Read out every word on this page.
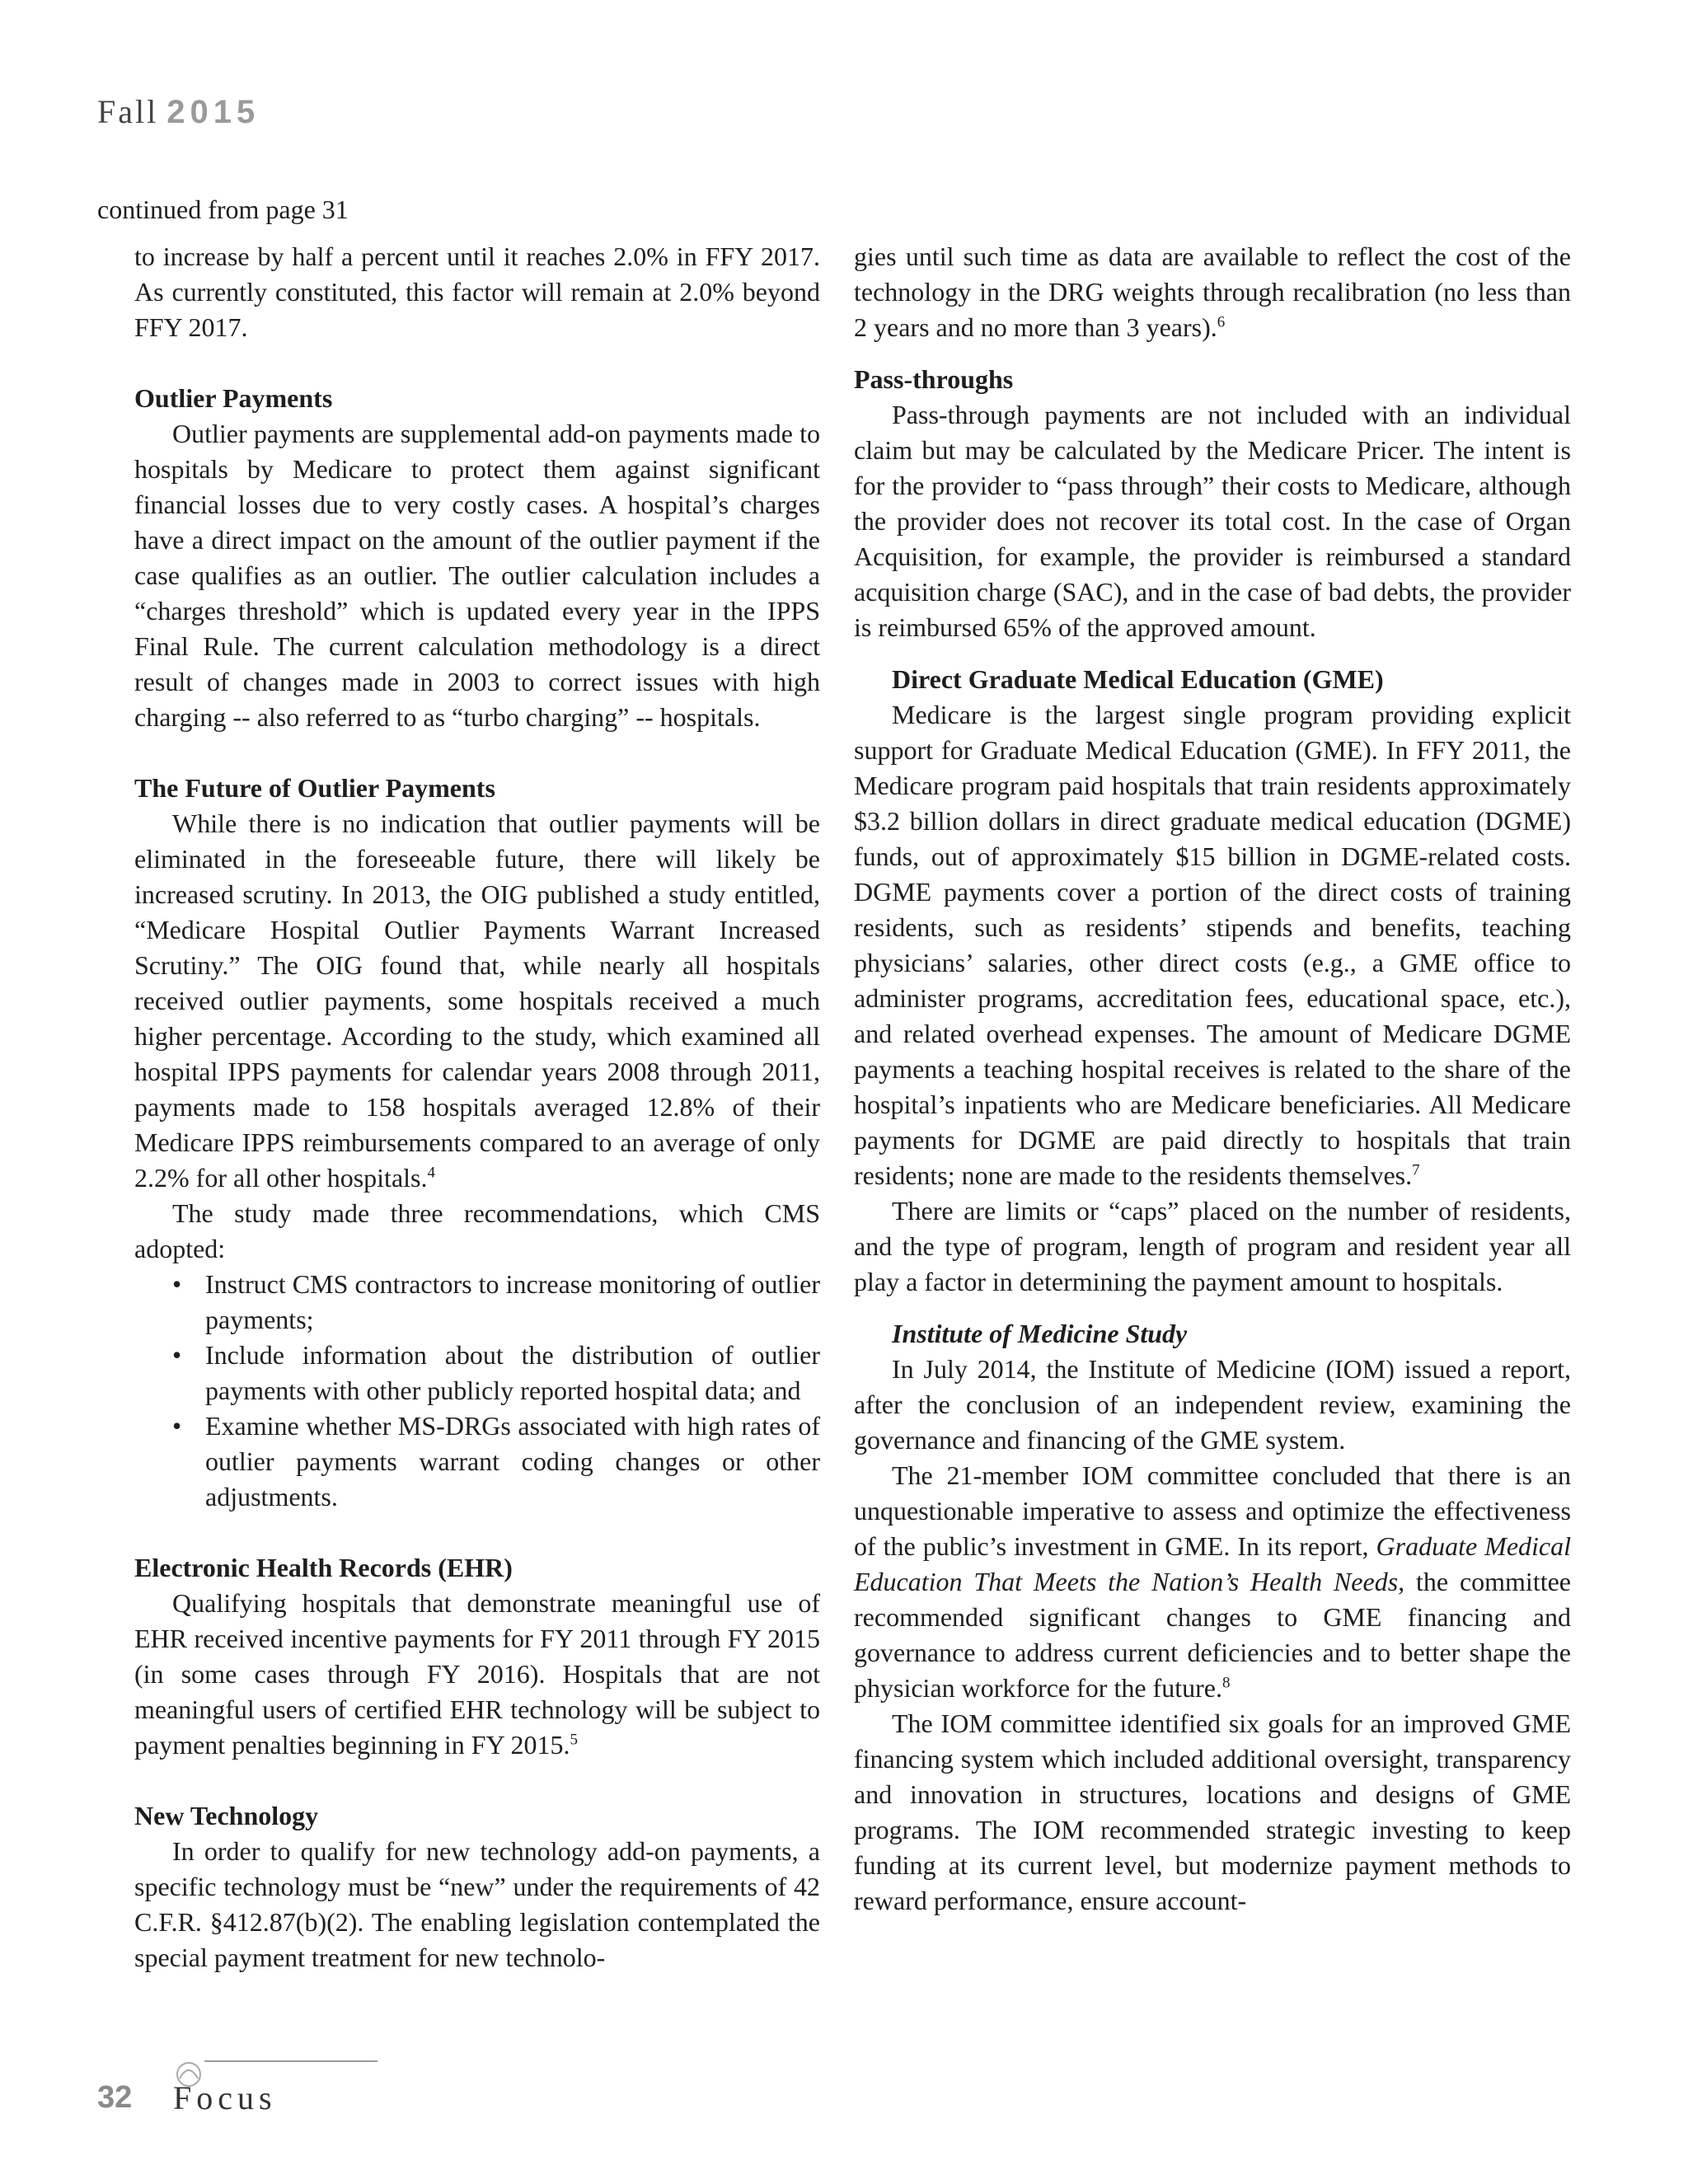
Fall 2015
continued from page 31

to increase by half a percent until it reaches 2.0% in FFY 2017. As currently constituted, this factor will remain at 2.0% beyond FFY 2017.

Outlier Payments

Outlier payments are supplemental add-on payments made to hospitals by Medicare to protect them against significant financial losses due to very costly cases. A hospital’s charges have a direct impact on the amount of the outlier payment if the case qualifies as an outlier. The outlier calculation includes a “charges threshold” which is updated every year in the IPPS Final Rule. The current calculation methodology is a direct result of changes made in 2003 to correct issues with high charging -- also referred to as “turbo charging” -- hospitals.

The Future of Outlier Payments

While there is no indication that outlier payments will be eliminated in the foreseeable future, there will likely be increased scrutiny. In 2013, the OIG published a study entitled, “Medicare Hospital Outlier Payments Warrant Increased Scrutiny.” The OIG found that, while nearly all hospitals received outlier payments, some hospitals received a much higher percentage. According to the study, which examined all hospital IPPS payments for calendar years 2008 through 2011, payments made to 158 hospitals averaged 12.8% of their Medicare IPPS reimbursements compared to an average of only 2.2% for all other hospitals.$^4$

The study made three recommendations, which CMS adopted:

• Instruct CMS contractors to increase monitoring of outlier payments;
• Include information about the distribution of outlier payments with other publicly reported hospital data; and
• Examine whether MS-DRGs associated with high rates of outlier payments warrant coding changes or other adjustments.
Electronic Health Records (EHR)

Qualifying hospitals that demonstrate meaningful use of EHR received incentive payments for FY 2011 through FY 2015 (in some cases through FY 2016). Hospitals that are not meaningful users of certified EHR technology will be subject to payment penalties beginning in FY 2015.$^5$

New Technology

In order to qualify for new technology add-on payments, a specific technology must be “new” under the requirements of 42 C.F.R. §412.87(b)(2). The enabling legislation contemplated the special payment treatment for new technolo-

gies until such time as data are available to reflect the cost of the technology in the DRG weights through recalibration (no less than 2 years and no more than 3 years).$^6$

Pass-throughs

Pass-through payments are not included with an individual claim but may be calculated by the Medicare Pricer. The intent is for the provider to “pass through” their costs to Medicare, although the provider does not recover its total cost. In the case of Organ Acquisition, for example, the provider is reimbursed a standard acquisition charge (SAC), and in the case of bad debts, the provider is reimbursed 65% of the approved amount.

Direct Graduate Medical Education (GME)

Medicare is the largest single program providing explicit support for Graduate Medical Education (GME). In FFY 2011, the Medicare program paid hospitals that train residents approximately $3.2 billion dollars in direct graduate medical education (DGME) funds, out of approximately $15 billion in DGME-related costs. DGME payments cover a portion of the direct costs of training residents, such as residents’ stipends and benefits, teaching physicians’ salaries, other direct costs (e.g., a GME office to administer programs, accreditation fees, educational space, etc.), and related overhead expenses. The amount of Medicare DGME payments a teaching hospital receives is related to the share of the hospital’s inpatients who are Medicare beneficiaries. All Medicare payments for DGME are paid directly to hospitals that train residents; none are made to the residents themselves.$^7$

There are limits or “caps” placed on the number of residents, and the type of program, length of program and resident year all play a factor in determining the payment amount to hospitals.

Institute of Medicine Study

In July 2014, the Institute of Medicine (IOM) issued a report, after the conclusion of an independent review, examining the governance and financing of the GME system.

The 21-member IOM committee concluded that there is an unquestionable imperative to assess and optimize the effectiveness of the public’s investment in GME. In its report, Graduate Medical Education That Meets the Nation’s Health Needs, the committee recommended significant changes to GME financing and governance to address current deficiencies and to better shape the physician workforce for the future.$^8$

The IOM committee identified six goals for an improved GME financing system which included additional oversight, transparency and innovation in structures, locations and designs of GME programs. The IOM recommended strategic investing to keep funding at its current level, but modernize payment methods to reward performance, ensure account-

32 Focus
